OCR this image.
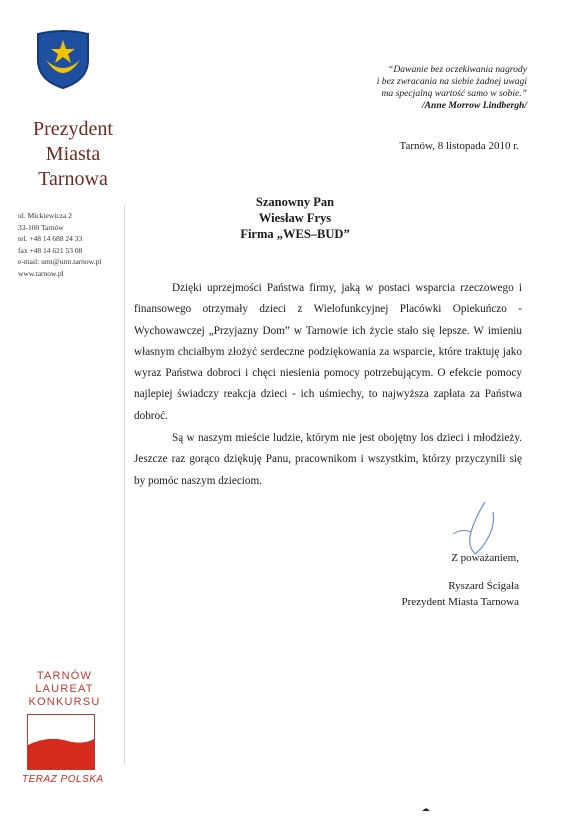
Prezydent
Miasta
Tarnowa
ul. Mickiewicza 2
33-100 Tarnów
tel. +48 14 688 24 33
fax +48 14 621 53 08
e-mail: umt@umt.tarnow.pl
www.tarnow.pl
“Dawanie bez oczekiwania nagrody
i bez zwracania na siebie żadnej uwagi
ma specjalną wartość samo w sobie.”
/Anne Morrow Lindbergh/
Tarnów, 8 listopada 2010 r.
Szanowny Pan
Wiesław Frys
Firma „WES–BUD”

Dzięki uprzejmości Państwa firmy, jaką w postaci wsparcia rzeczowego i finansowego otrzymały dzieci z Wielofunkcyjnej Placówki Opiekuńczo - Wychowawczej „Przyjazny Dom” w Tarnowie ich życie stało się lepsze. W imieniu własnym chciałbym złożyć serdeczne podziękowania za wsparcie, które traktuję jako wyraz Państwa dobroci i chęci niesienia pomocy potrzebującym. O efekcie pomocy najlepiej świadczy reakcja dzieci - ich uśmiechy, to najwyższa zapłata za Państwa dobroć.

Są w naszym mieście ludzie, którym nie jest obojętny los dzieci i młodzieży. Jeszcze raz gorąco dziękuję Panu, pracownikom i wszystkim, którzy przyczynili się by pomóc naszym dzieciom.

Z poważaniem,
Ryszard Ścigała
Prezydent Miasta Tarnowa
TARNÓW
LAUREAT
KONKURSU
TERAZ POLSKA
